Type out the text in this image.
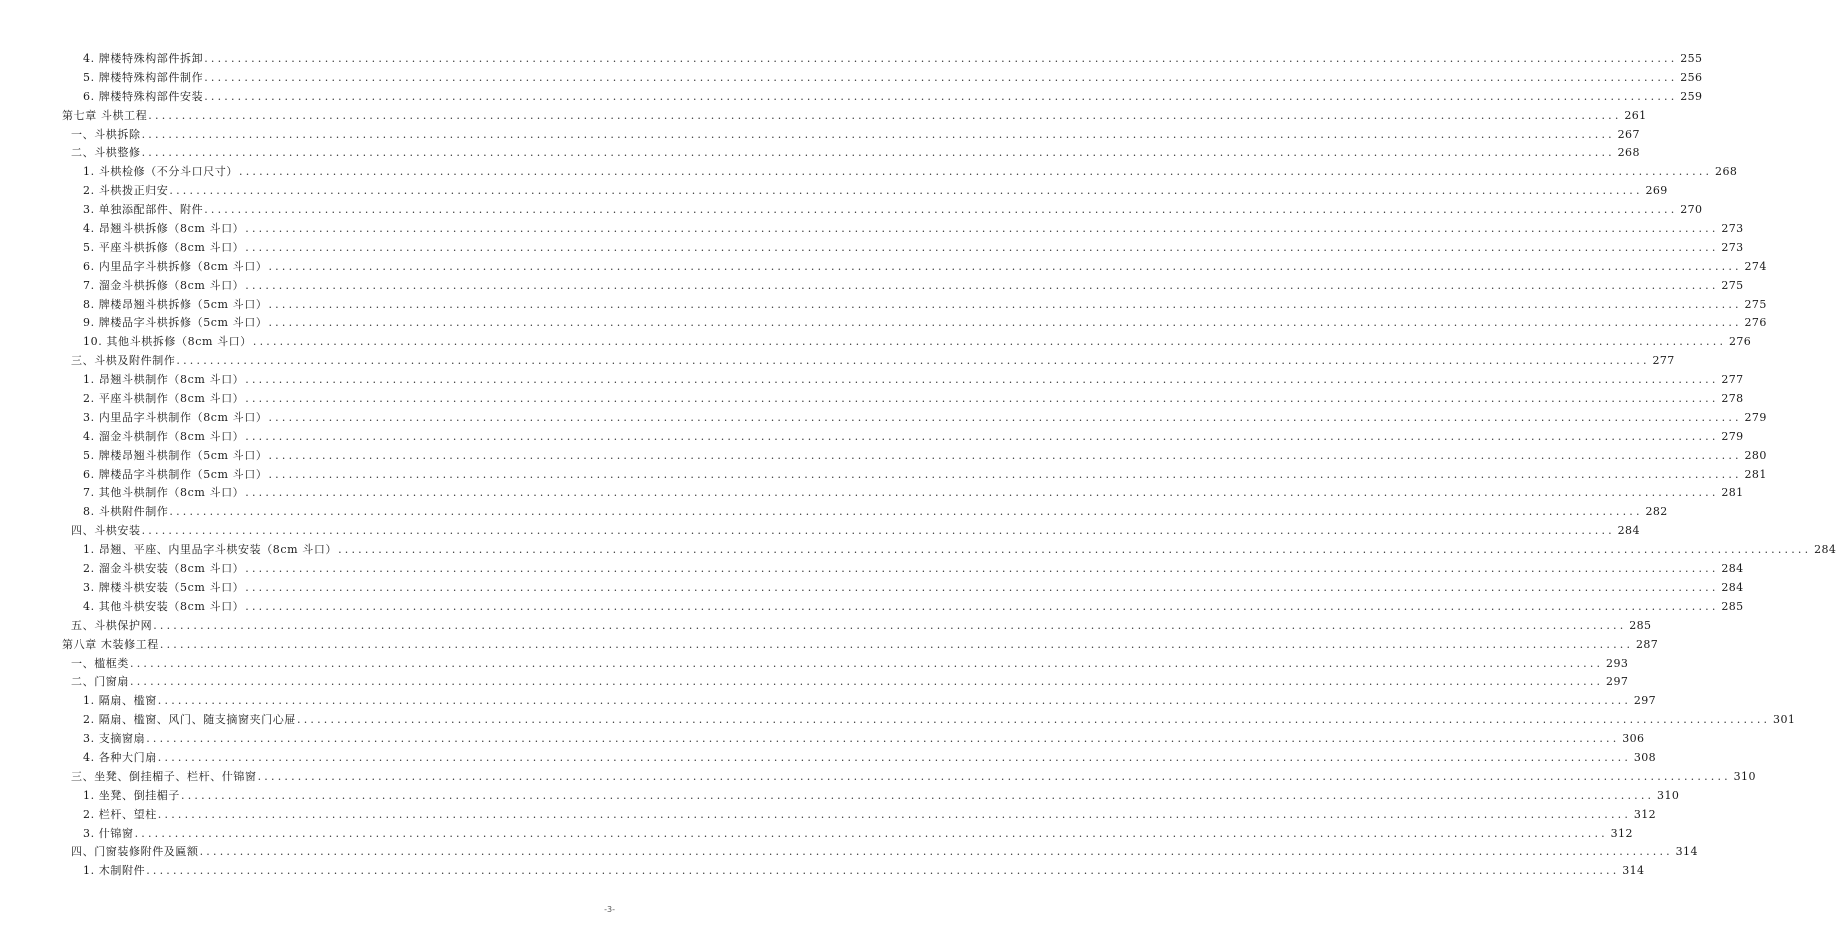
4. 牌楼特殊构部件拆卸 ............................................................................................................................................................................................................................ 255
5. 牌楼特殊构部件制作 ............................................................................................................................................................................................................................ 256
6. 牌楼特殊构部件安装 ............................................................................................................................................................................................................................ 259
第七章 斗栱工程 ............................................................................................................................................................................................................................ 261
一、斗栱拆除 ............................................................................................................................................................................................................................ 267
二、斗栱整修 ............................................................................................................................................................................................................................ 268
1. 斗栱检修（不分斗口尺寸） ............................................................................................................................................................................................................................ 268
2. 斗栱拨正归安 ............................................................................................................................................................................................................................ 269
3. 单独添配部件、附件 ............................................................................................................................................................................................................................ 270
4. 昂翘斗栱拆修（8cm 斗口） ............................................................................................................................................................................................................................ 273
5. 平座斗栱拆修（8cm 斗口） ............................................................................................................................................................................................................................ 273
6. 内里品字斗栱拆修（8cm 斗口） ............................................................................................................................................................................................................................ 274
7. 溜金斗栱拆修（8cm 斗口） ............................................................................................................................................................................................................................ 275
8. 牌楼昂翘斗栱拆修（5cm 斗口） ............................................................................................................................................................................................................................ 275
9. 牌楼品字斗栱拆修（5cm 斗口） ............................................................................................................................................................................................................................ 276
10. 其他斗栱拆修（8cm 斗口） ............................................................................................................................................................................................................................ 276
三、斗栱及附件制作 ............................................................................................................................................................................................................................ 277
1. 昂翘斗栱制作（8cm 斗口） ............................................................................................................................................................................................................................ 277
2. 平座斗栱制作（8cm 斗口） ............................................................................................................................................................................................................................ 278
3. 内里品字斗栱制作（8cm 斗口） ............................................................................................................................................................................................................................ 279
4. 溜金斗栱制作（8cm 斗口） ............................................................................................................................................................................................................................ 279
5. 牌楼昂翘斗栱制作（5cm 斗口） ............................................................................................................................................................................................................................ 280
6. 牌楼品字斗栱制作（5cm 斗口） ............................................................................................................................................................................................................................ 281
7. 其他斗栱制作（8cm 斗口） ............................................................................................................................................................................................................................ 281
8. 斗栱附件制作 ............................................................................................................................................................................................................................ 282
四、斗栱安装 ............................................................................................................................................................................................................................ 284
1. 昂翘、平座、内里品字斗栱安装（8cm 斗口） ............................................................................................................................................................................................................................ 284
2. 溜金斗栱安装（8cm 斗口） ............................................................................................................................................................................................................................ 284
3. 牌楼斗栱安装（5cm 斗口） ............................................................................................................................................................................................................................ 284
4. 其他斗栱安装（8cm 斗口） ............................................................................................................................................................................................................................ 285
五、斗栱保护网 ............................................................................................................................................................................................................................ 285
第八章 木装修工程 ............................................................................................................................................................................................................................ 287
一、槛框类 ............................................................................................................................................................................................................................ 293
二、门窗扇 ............................................................................................................................................................................................................................ 297
1. 隔扇、槛窗 ............................................................................................................................................................................................................................ 297
2. 隔扇、槛窗、风门、随支摘窗夹门心屉 ............................................................................................................................................................................................................................ 301
3. 支摘窗扇 ............................................................................................................................................................................................................................ 306
4. 各种大门扇 ............................................................................................................................................................................................................................ 308
三、坐凳、倒挂楣子、栏杆、什锦窗 ............................................................................................................................................................................................................................ 310
1. 坐凳、倒挂楣子 ............................................................................................................................................................................................................................ 310
2. 栏杆、望柱 ............................................................................................................................................................................................................................ 312
3. 什锦窗 ............................................................................................................................................................................................................................ 312
四、门窗装修附件及匾额 ............................................................................................................................................................................................................................ 314
1. 木制附件 ............................................................................................................................................................................................................................ 314
-3-
